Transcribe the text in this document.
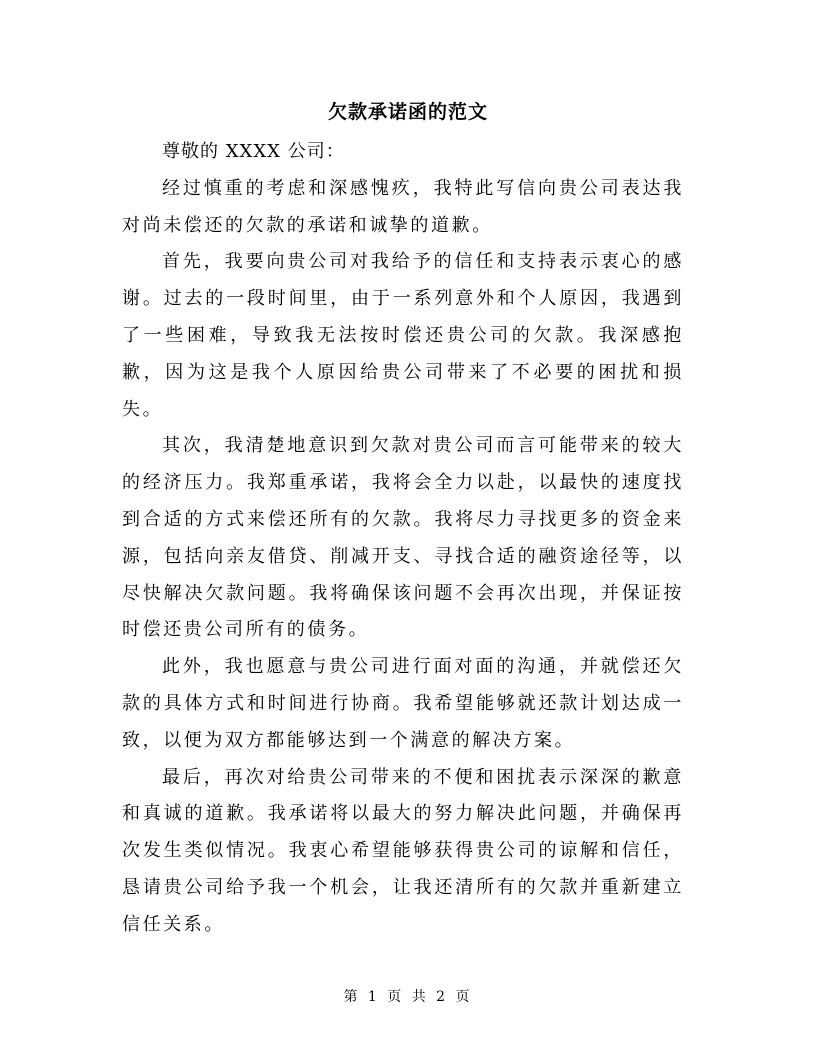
欠款承诺函的范文

尊敬的 XXXX 公司：

经过慎重的考虑和深感愧疚，我特此写信向贵公司表达我对尚未偿还的欠款的承诺和诚挚的道歉。

首先，我要向贵公司对我给予的信任和支持表示衷心的感谢。过去的一段时间里，由于一系列意外和个人原因，我遇到了一些困难，导致我无法按时偿还贵公司的欠款。我深感抱歉，因为这是我个人原因给贵公司带来了不必要的困扰和损失。

其次，我清楚地意识到欠款对贵公司而言可能带来的较大的经济压力。我郑重承诺，我将会全力以赴，以最快的速度找到合适的方式来偿还所有的欠款。我将尽力寻找更多的资金来源，包括向亲友借贷、削减开支、寻找合适的融资途径等，以尽快解决欠款问题。我将确保该问题不会再次出现，并保证按时偿还贵公司所有的债务。

此外，我也愿意与贵公司进行面对面的沟通，并就偿还欠款的具体方式和时间进行协商。我希望能够就还款计划达成一致，以便为双方都能够达到一个满意的解决方案。

最后，再次对给贵公司带来的不便和困扰表示深深的歉意和真诚的道歉。我承诺将以最大的努力解决此问题，并确保再次发生类似情况。我衷心希望能够获得贵公司的谅解和信任，恳请贵公司给予我一个机会，让我还清所有的欠款并重新建立信任关系。

第 1 页 共 2 页
